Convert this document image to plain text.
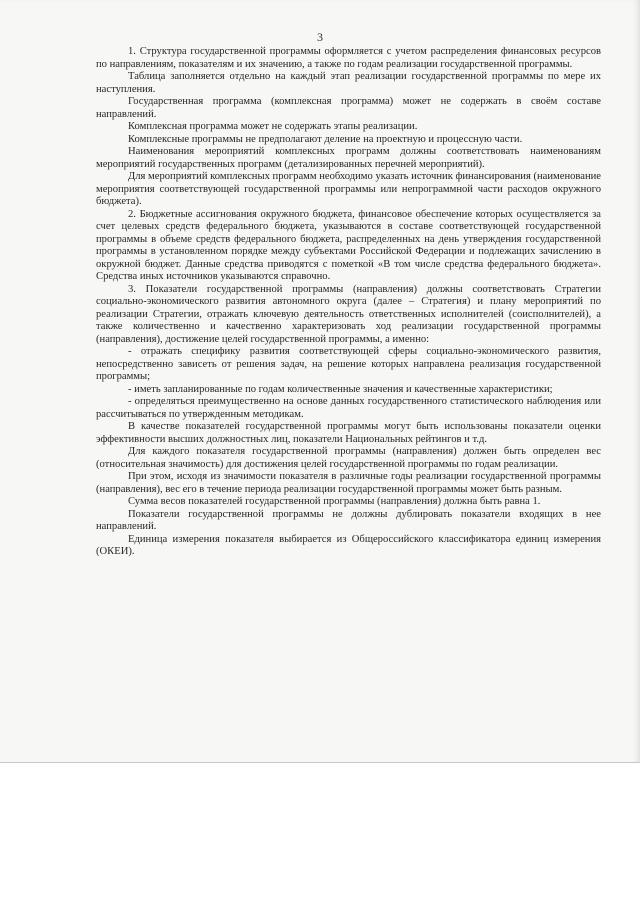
3

1. Структура государственной программы оформляется с учетом распределения финансовых ресурсов по направлениям, показателям и их значению, а также по годам реализации государственной программы.

Таблица заполняется отдельно на каждый этап реализации государственной программы по мере их наступления.

Государственная программа (комплексная программа) может не содержать в своём составе направлений.

Комплексная программа может не содержать этапы реализации.

Комплексные программы не предполагают деление на проектную и процессную части.

Наименования мероприятий комплексных программ должны соответствовать наименованиям мероприятий государственных программ (детализированных перечней мероприятий).

Для мероприятий комплексных программ необходимо указать источник финансирования (наименование мероприятия соответствующей государственной программы или непрограммной части расходов окружного бюджета).

2. Бюджетные ассигнования окружного бюджета, финансовое обеспечение которых осуществляется за счет целевых средств федерального бюджета, указываются в составе соответствующей государственной программы в объеме средств федерального бюджета, распределенных на день утверждения государственной программы в установленном порядке между субъектами Российской Федерации и подлежащих зачислению в окружной бюджет. Данные средства приводятся с пометкой «В том числе средства федерального бюджета». Средства иных источников указываются справочно.

3. Показатели государственной программы (направления) должны соответствовать Стратегии социально-экономического развития автономного округа (далее – Стратегия) и плану мероприятий по реализации Стратегии, отражать ключевую деятельность ответственных исполнителей (соисполнителей), а также количественно и качественно характеризовать ход реализации государственной программы (направления), достижение целей государственной программы, а именно:

- отражать специфику развития соответствующей сферы социально-экономического развития, непосредственно зависеть от решения задач, на решение которых направлена реализация государственной программы;

- иметь запланированные по годам количественные значения и качественные характеристики;

- определяться преимущественно на основе данных государственного статистического наблюдения или рассчитываться по утвержденным методикам.

В качестве показателей государственной программы могут быть использованы показатели оценки эффективности высших должностных лиц, показатели Национальных рейтингов и т.д.

Для каждого показателя государственной программы (направления) должен быть определен вес (относительная значимость) для достижения целей государственной программы по годам реализации.

При этом, исходя из значимости показателя в различные годы реализации государственной программы (направления), вес его в течение периода реализации государственной программы может быть разным.

Сумма весов показателей государственной программы (направления) должна быть равна 1.

Показатели государственной программы не должны дублировать показатели входящих в нее направлений.

Единица измерения показателя выбирается из Общероссийского классификатора единиц измерения (ОКЕИ).
